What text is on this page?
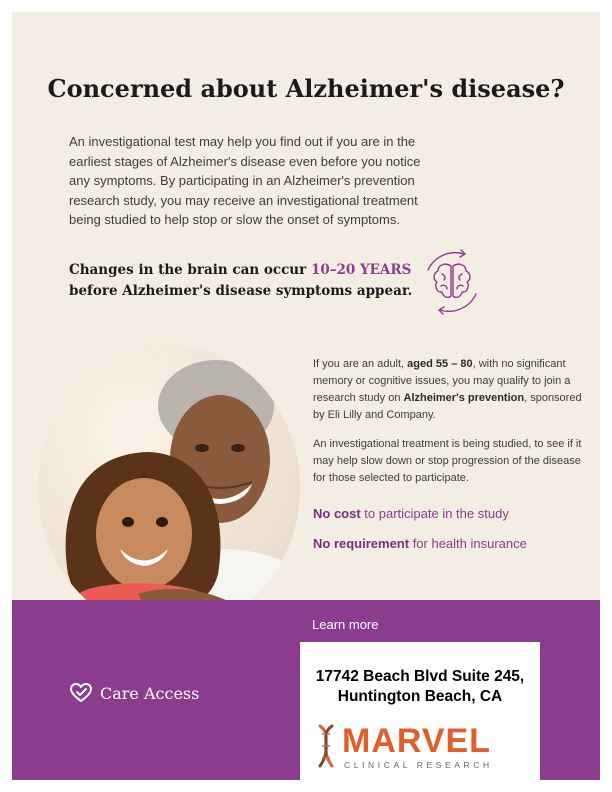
Concerned about Alzheimer's disease?

An investigational test may help you find out if you are in the earliest stages of Alzheimer's disease even before you notice any symptoms. By participating in an Alzheimer's prevention research study, you may receive an investigational treatment being studied to help stop or slow the onset of symptoms.

Changes in the brain can occur 10–20 YEARS
before Alzheimer's disease symptoms appear.

If you are an adult, aged 55 – 80, with no significant memory or cognitive issues, you may qualify to join a research study on Alzheimer's prevention, sponsored by Eli Lilly and Company.

An investigational treatment is being studied, to see if it may help slow down or stop progression of the disease for those selected to participate.

No cost to participate in the study

No requirement for health insurance

Learn more
Care Access

17742 Beach Blvd Suite 245,

Huntington Beach, CA

MARVEL
CLINICAL RESEARCH
